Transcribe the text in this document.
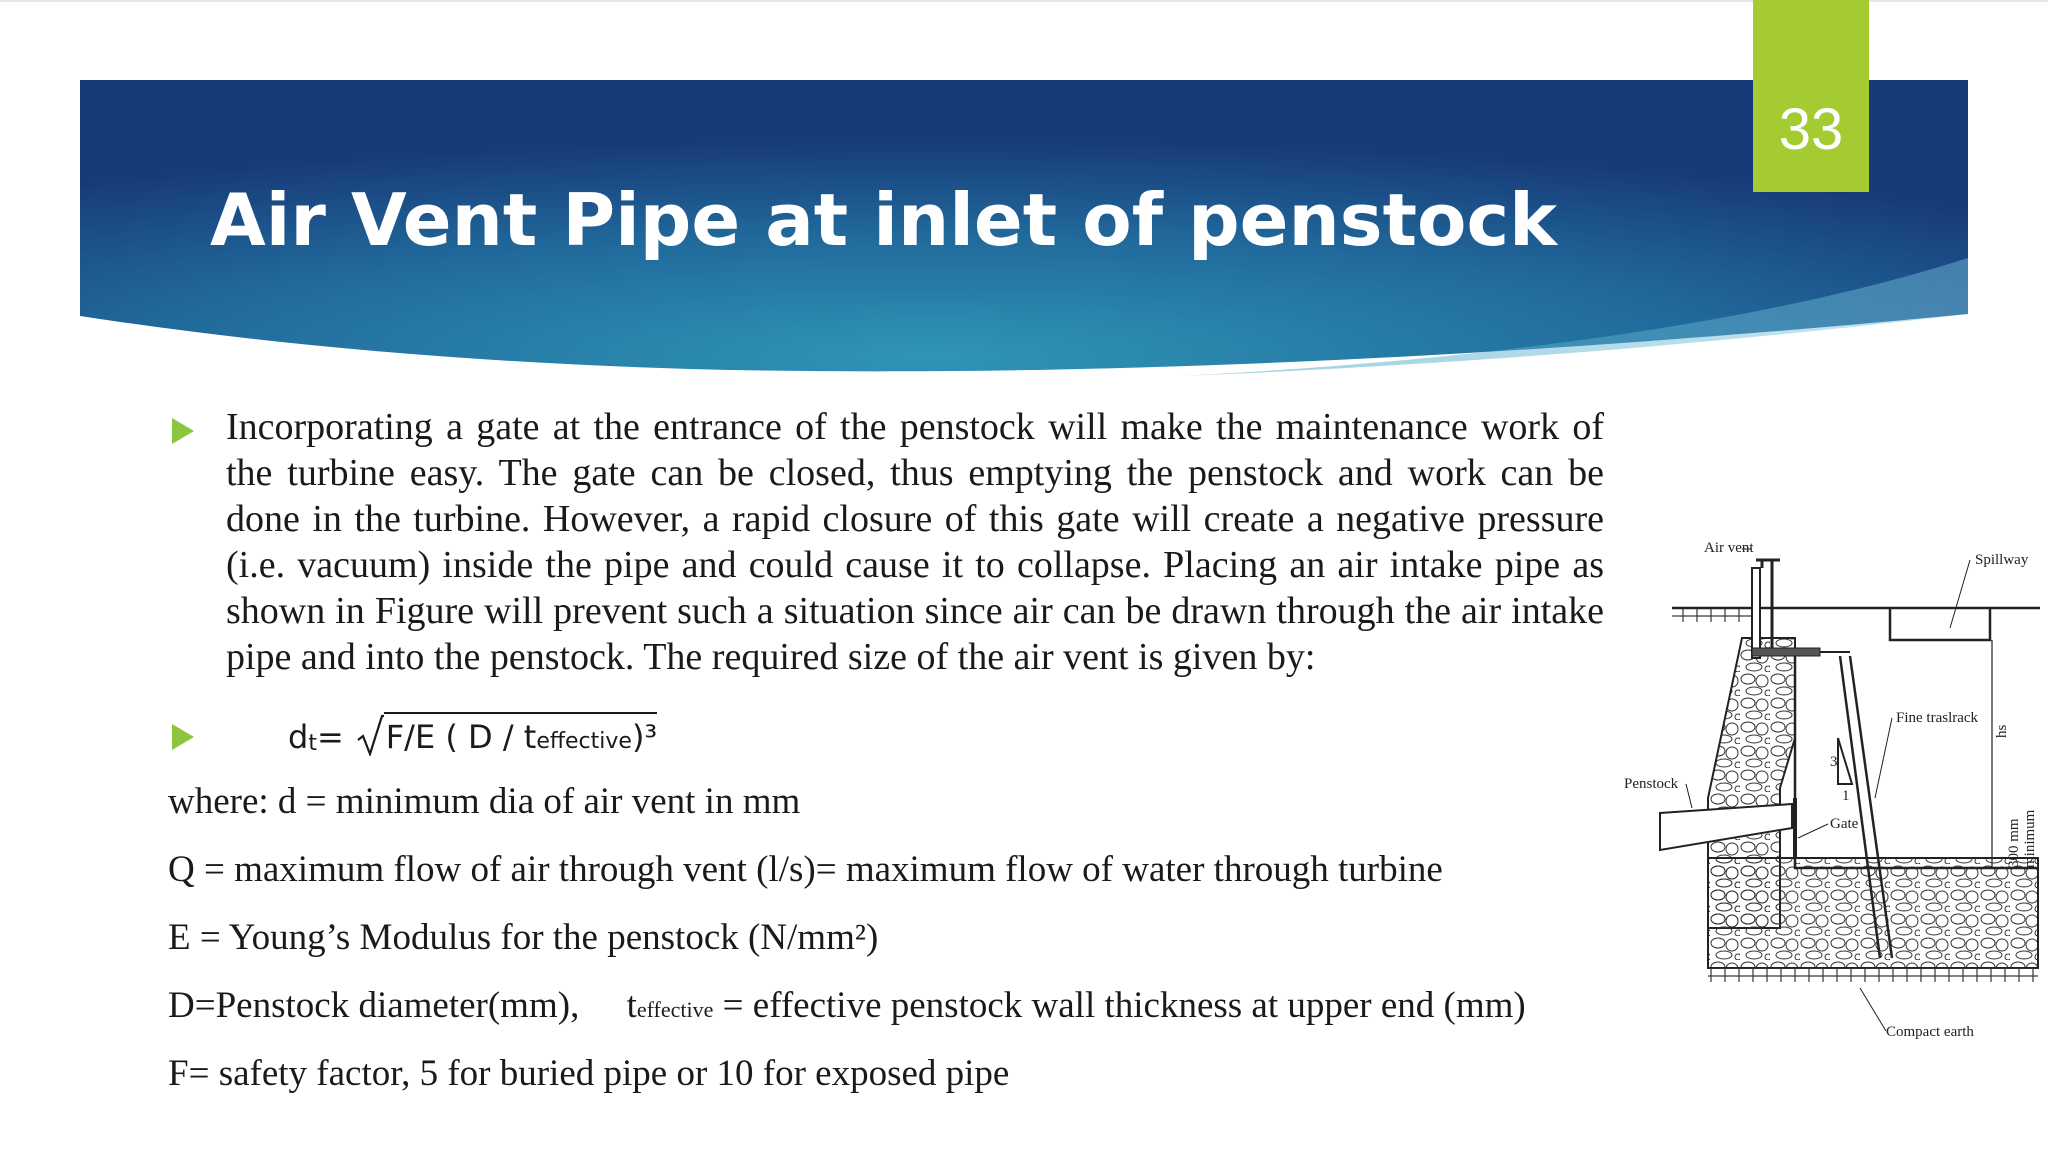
Air Vent Pipe at inlet of penstock
33

Incorporating a gate at the entrance of the penstock will make the maintenance work of the turbine easy. The gate can be closed, thus emptying the penstock and work can be done in the turbine. However, a rapid closure of this gate will create a negative pressure (i.e. vacuum) inside the pipe and could cause it to collapse. Placing an air intake pipe as shown in Figure will prevent such a situation since air can be drawn through the air intake pipe and into the penstock. The required size of the air vent is given by:

d t = F/E ( D / teffective)³

where: d = minimum dia of air vent in mm

Q = maximum flow of air through vent (l/s)= maximum flow of water through turbine

E = Young’s Modulus for the penstock (N/mm²)

D=Penstock diameter(mm), teffective = effective penstock wall thickness at upper end (mm)

F= safety factor, 5 for buried pipe or 10 for exposed pipe

Air vent
Spillway
Fine traslrack
hs
Penstock
Gate	300 mm minimum
Compact earth
3
1
